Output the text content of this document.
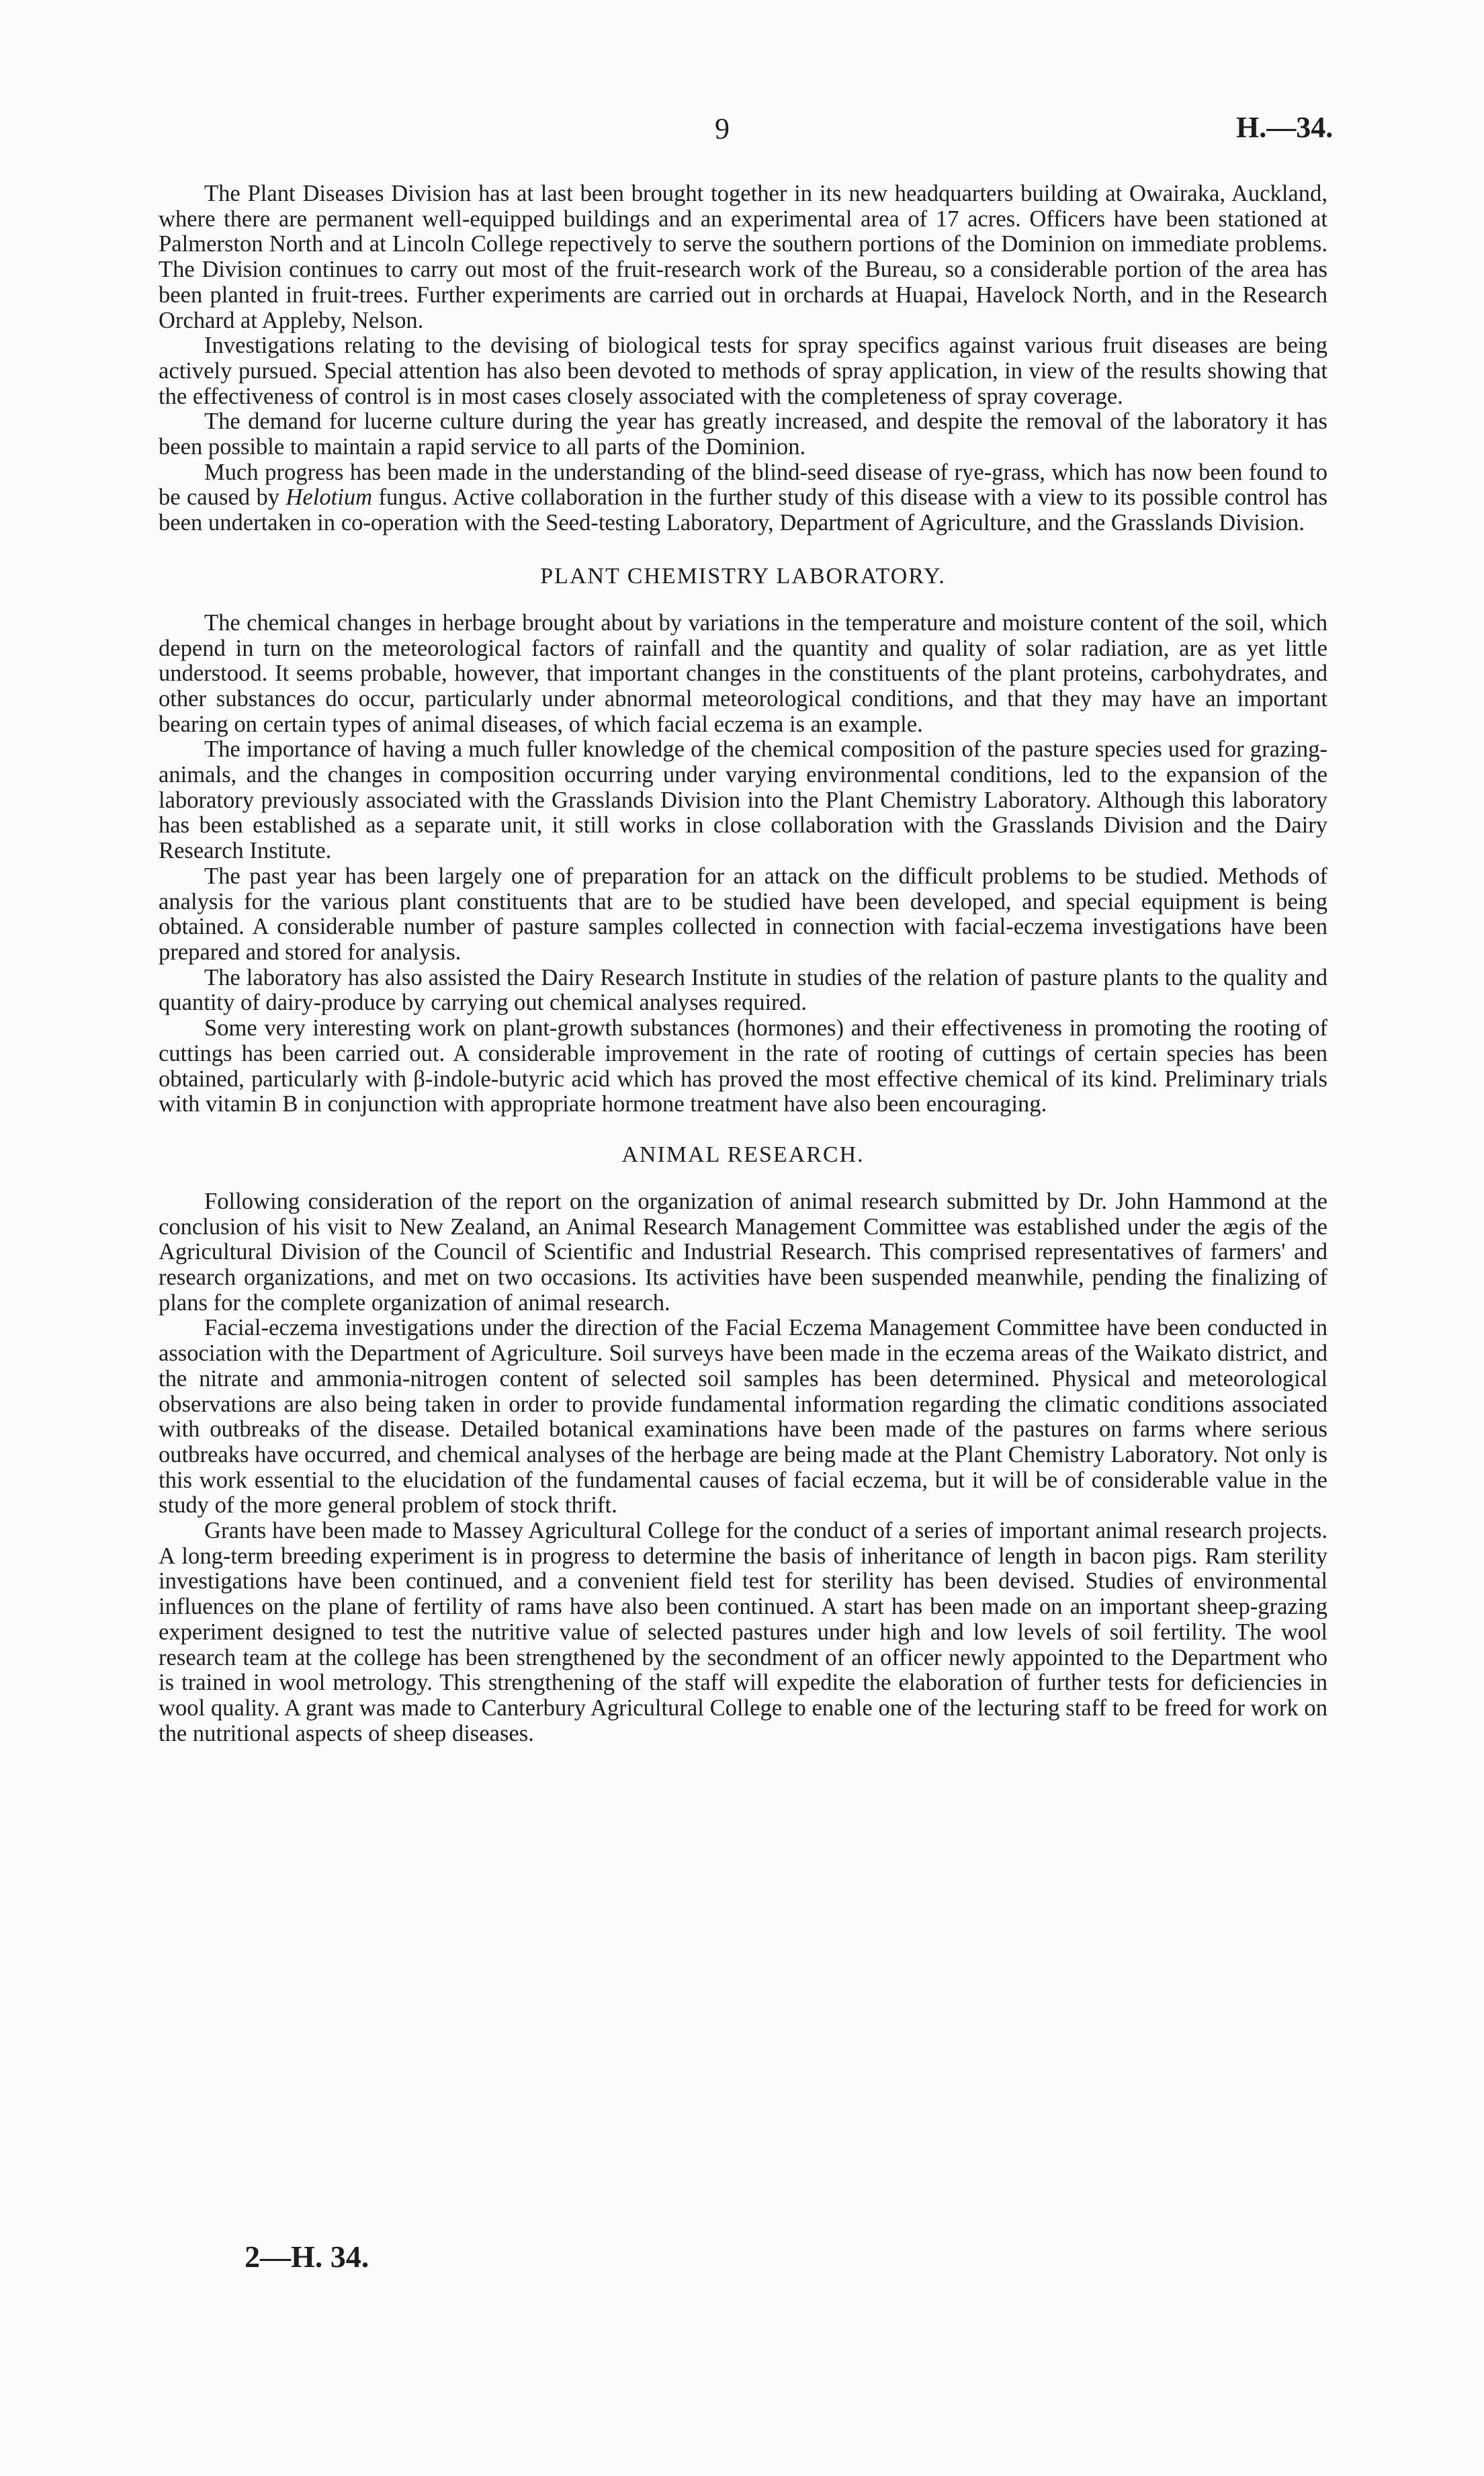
9	H.—34.

The Plant Diseases Division has at last been brought together in its new headquarters building at Owairaka, Auckland, where there are permanent well-equipped buildings and an experimental area of 17 acres. Officers have been stationed at Palmerston North and at Lincoln College repectively to serve the southern portions of the Dominion on immediate problems. The Division continues to carry out most of the fruit-research work of the Bureau, so a considerable portion of the area has been planted in fruit-trees. Further experiments are carried out in orchards at Huapai, Havelock North, and in the Research Orchard at Appleby, Nelson.

Investigations relating to the devising of biological tests for spray specifics against various fruit diseases are being actively pursued. Special attention has also been devoted to methods of spray application, in view of the results showing that the effectiveness of control is in most cases closely associated with the completeness of spray coverage.

The demand for lucerne culture during the year has greatly increased, and despite the removal of the laboratory it has been possible to maintain a rapid service to all parts of the Dominion.

Much progress has been made in the understanding of the blind-seed disease of rye-grass, which has now been found to be caused by Helotium fungus. Active collaboration in the further study of this disease with a view to its possible control has been undertaken in co-operation with the Seed-testing Laboratory, Department of Agriculture, and the Grasslands Division.

PLANT CHEMISTRY LABORATORY.

The chemical changes in herbage brought about by variations in the temperature and moisture content of the soil, which depend in turn on the meteorological factors of rainfall and the quantity and quality of solar radiation, are as yet little understood. It seems probable, however, that important changes in the constituents of the plant proteins, carbohydrates, and other substances do occur, particularly under abnormal meteorological conditions, and that they may have an important bearing on certain types of animal diseases, of which facial eczema is an example.

The importance of having a much fuller knowledge of the chemical composition of the pasture species used for grazing-animals, and the changes in composition occurring under varying environmental conditions, led to the expansion of the laboratory previously associated with the Grasslands Division into the Plant Chemistry Laboratory. Although this laboratory has been established as a separate unit, it still works in close collaboration with the Grasslands Division and the Dairy Research Institute.

The past year has been largely one of preparation for an attack on the difficult problems to be studied. Methods of analysis for the various plant constituents that are to be studied have been developed, and special equipment is being obtained. A considerable number of pasture samples collected in connection with facial-eczema investigations have been prepared and stored for analysis.

The laboratory has also assisted the Dairy Research Institute in studies of the relation of pasture plants to the quality and quantity of dairy-produce by carrying out chemical analyses required.

Some very interesting work on plant-growth substances (hormones) and their effectiveness in promoting the rooting of cuttings has been carried out. A considerable improvement in the rate of rooting of cuttings of certain species has been obtained, particularly with β-indole-butyric acid which has proved the most effective chemical of its kind. Preliminary trials with vitamin B in conjunction with appropriate hormone treatment have also been encouraging.

ANIMAL RESEARCH.

Following consideration of the report on the organization of animal research submitted by Dr. John Hammond at the conclusion of his visit to New Zealand, an Animal Research Management Committee was established under the ægis of the Agricultural Division of the Council of Scientific and Industrial Research. This comprised representatives of farmers' and research organizations, and met on two occasions. Its activities have been suspended meanwhile, pending the finalizing of plans for the complete organization of animal research.

Facial-eczema investigations under the direction of the Facial Eczema Management Committee have been conducted in association with the Department of Agriculture. Soil surveys have been made in the eczema areas of the Waikato district, and the nitrate and ammonia-nitrogen content of selected soil samples has been determined. Physical and meteorological observations are also being taken in order to provide fundamental information regarding the climatic conditions associated with outbreaks of the disease. Detailed botanical examinations have been made of the pastures on farms where serious outbreaks have occurred, and chemical analyses of the herbage are being made at the Plant Chemistry Laboratory. Not only is this work essential to the elucidation of the fundamental causes of facial eczema, but it will be of considerable value in the study of the more general problem of stock thrift.

Grants have been made to Massey Agricultural College for the conduct of a series of important animal research projects. A long-term breeding experiment is in progress to determine the basis of inheritance of length in bacon pigs. Ram sterility investigations have been continued, and a convenient field test for sterility has been devised. Studies of environmental influences on the plane of fertility of rams have also been continued. A start has been made on an important sheep-grazing experiment designed to test the nutritive value of selected pastures under high and low levels of soil fertility. The wool research team at the college has been strengthened by the secondment of an officer newly appointed to the Department who is trained in wool metrology. This strengthening of the staff will expedite the elaboration of further tests for deficiencies in wool quality. A grant was made to Canterbury Agricultural College to enable one of the lecturing staff to be freed for work on the nutritional aspects of sheep diseases.

2—H. 34.
